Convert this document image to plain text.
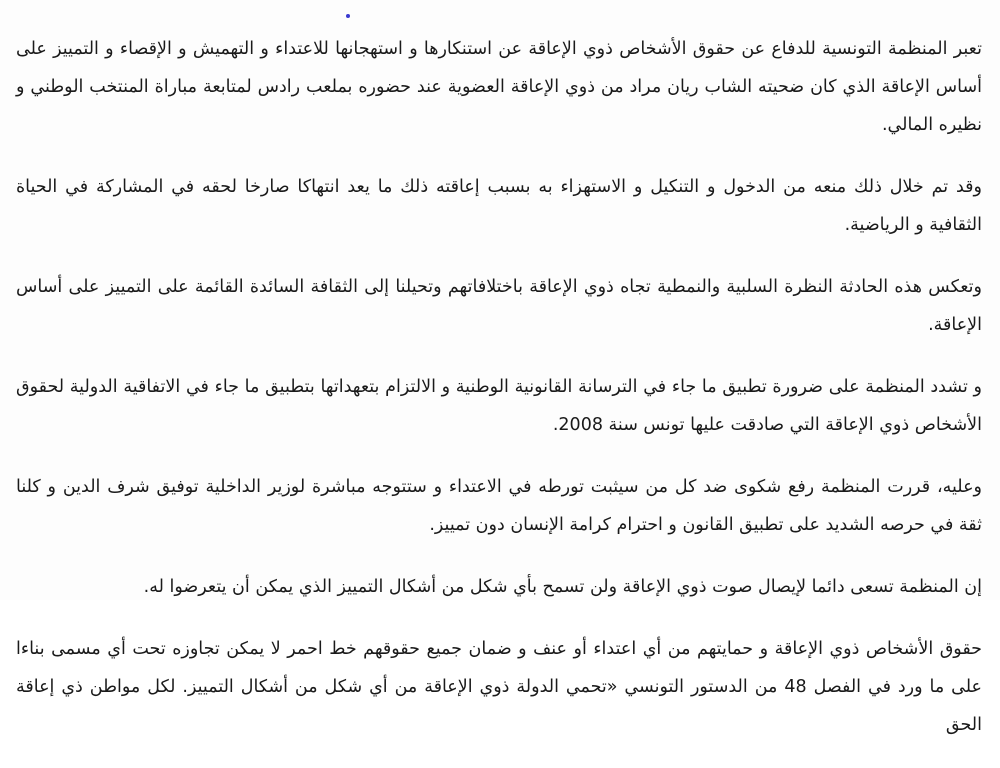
تعبر المنظمة التونسية للدفاع عن حقوق الأشخاص ذوي الإعاقة عن استنكارها و استهجانها للاعتداء و التهميش و الإقصاء و التمييز على أساس الإعاقة الذي كان ضحيته الشاب ريان مراد من ذوي الإعاقة العضوية عند حضوره بملعب رادس لمتابعة مباراة المنتخب الوطني و نظيره المالي.

وقد تم خلال ذلك منعه من الدخول و التنكيل و الاستهزاء به بسبب إعاقته ذلك ما يعد انتهاكا صارخا لحقه في المشاركة في الحياة الثقافية و الرياضية.

وتعكس هذه الحادثة النظرة السلبية والنمطية تجاه ذوي الإعاقة باختلافاتهم وتحيلنا إلى الثقافة السائدة القائمة على التمييز على أساس الإعاقة.

و تشدد المنظمة على ضرورة تطبيق ما جاء في الترسانة القانونية الوطنية و الالتزام بتعهداتها بتطبيق ما جاء في الاتفاقية الدولية لحقوق الأشخاص ذوي الإعاقة التي صادقت عليها تونس سنة 2008.

وعليه، قررت المنظمة رفع شكوى ضد كل من سيثبت تورطه في الاعتداء و ستتوجه مباشرة لوزير الداخلية توفيق شرف الدين و كلنا ثقة في حرصه الشديد على تطبيق القانون و احترام كرامة الإنسان دون تمييز.

إن المنظمة تسعى دائما لإيصال صوت ذوي الإعاقة ولن تسمح بأي شكل من أشكال التمييز الذي يمكن أن يتعرضوا له.

حقوق الأشخاص ذوي الإعاقة و حمايتهم من أي اعتداء أو عنف و ضمان جميع حقوقهم خط احمر لا يمكن تجاوزه تحت أي مسمى بناءا على ما ورد في الفصل 48 من الدستور التونسي «تحمي الدولة ذوي الإعاقة من أي شكل من أشكال التمييز. لكل مواطن ذي إعاقة الحق
